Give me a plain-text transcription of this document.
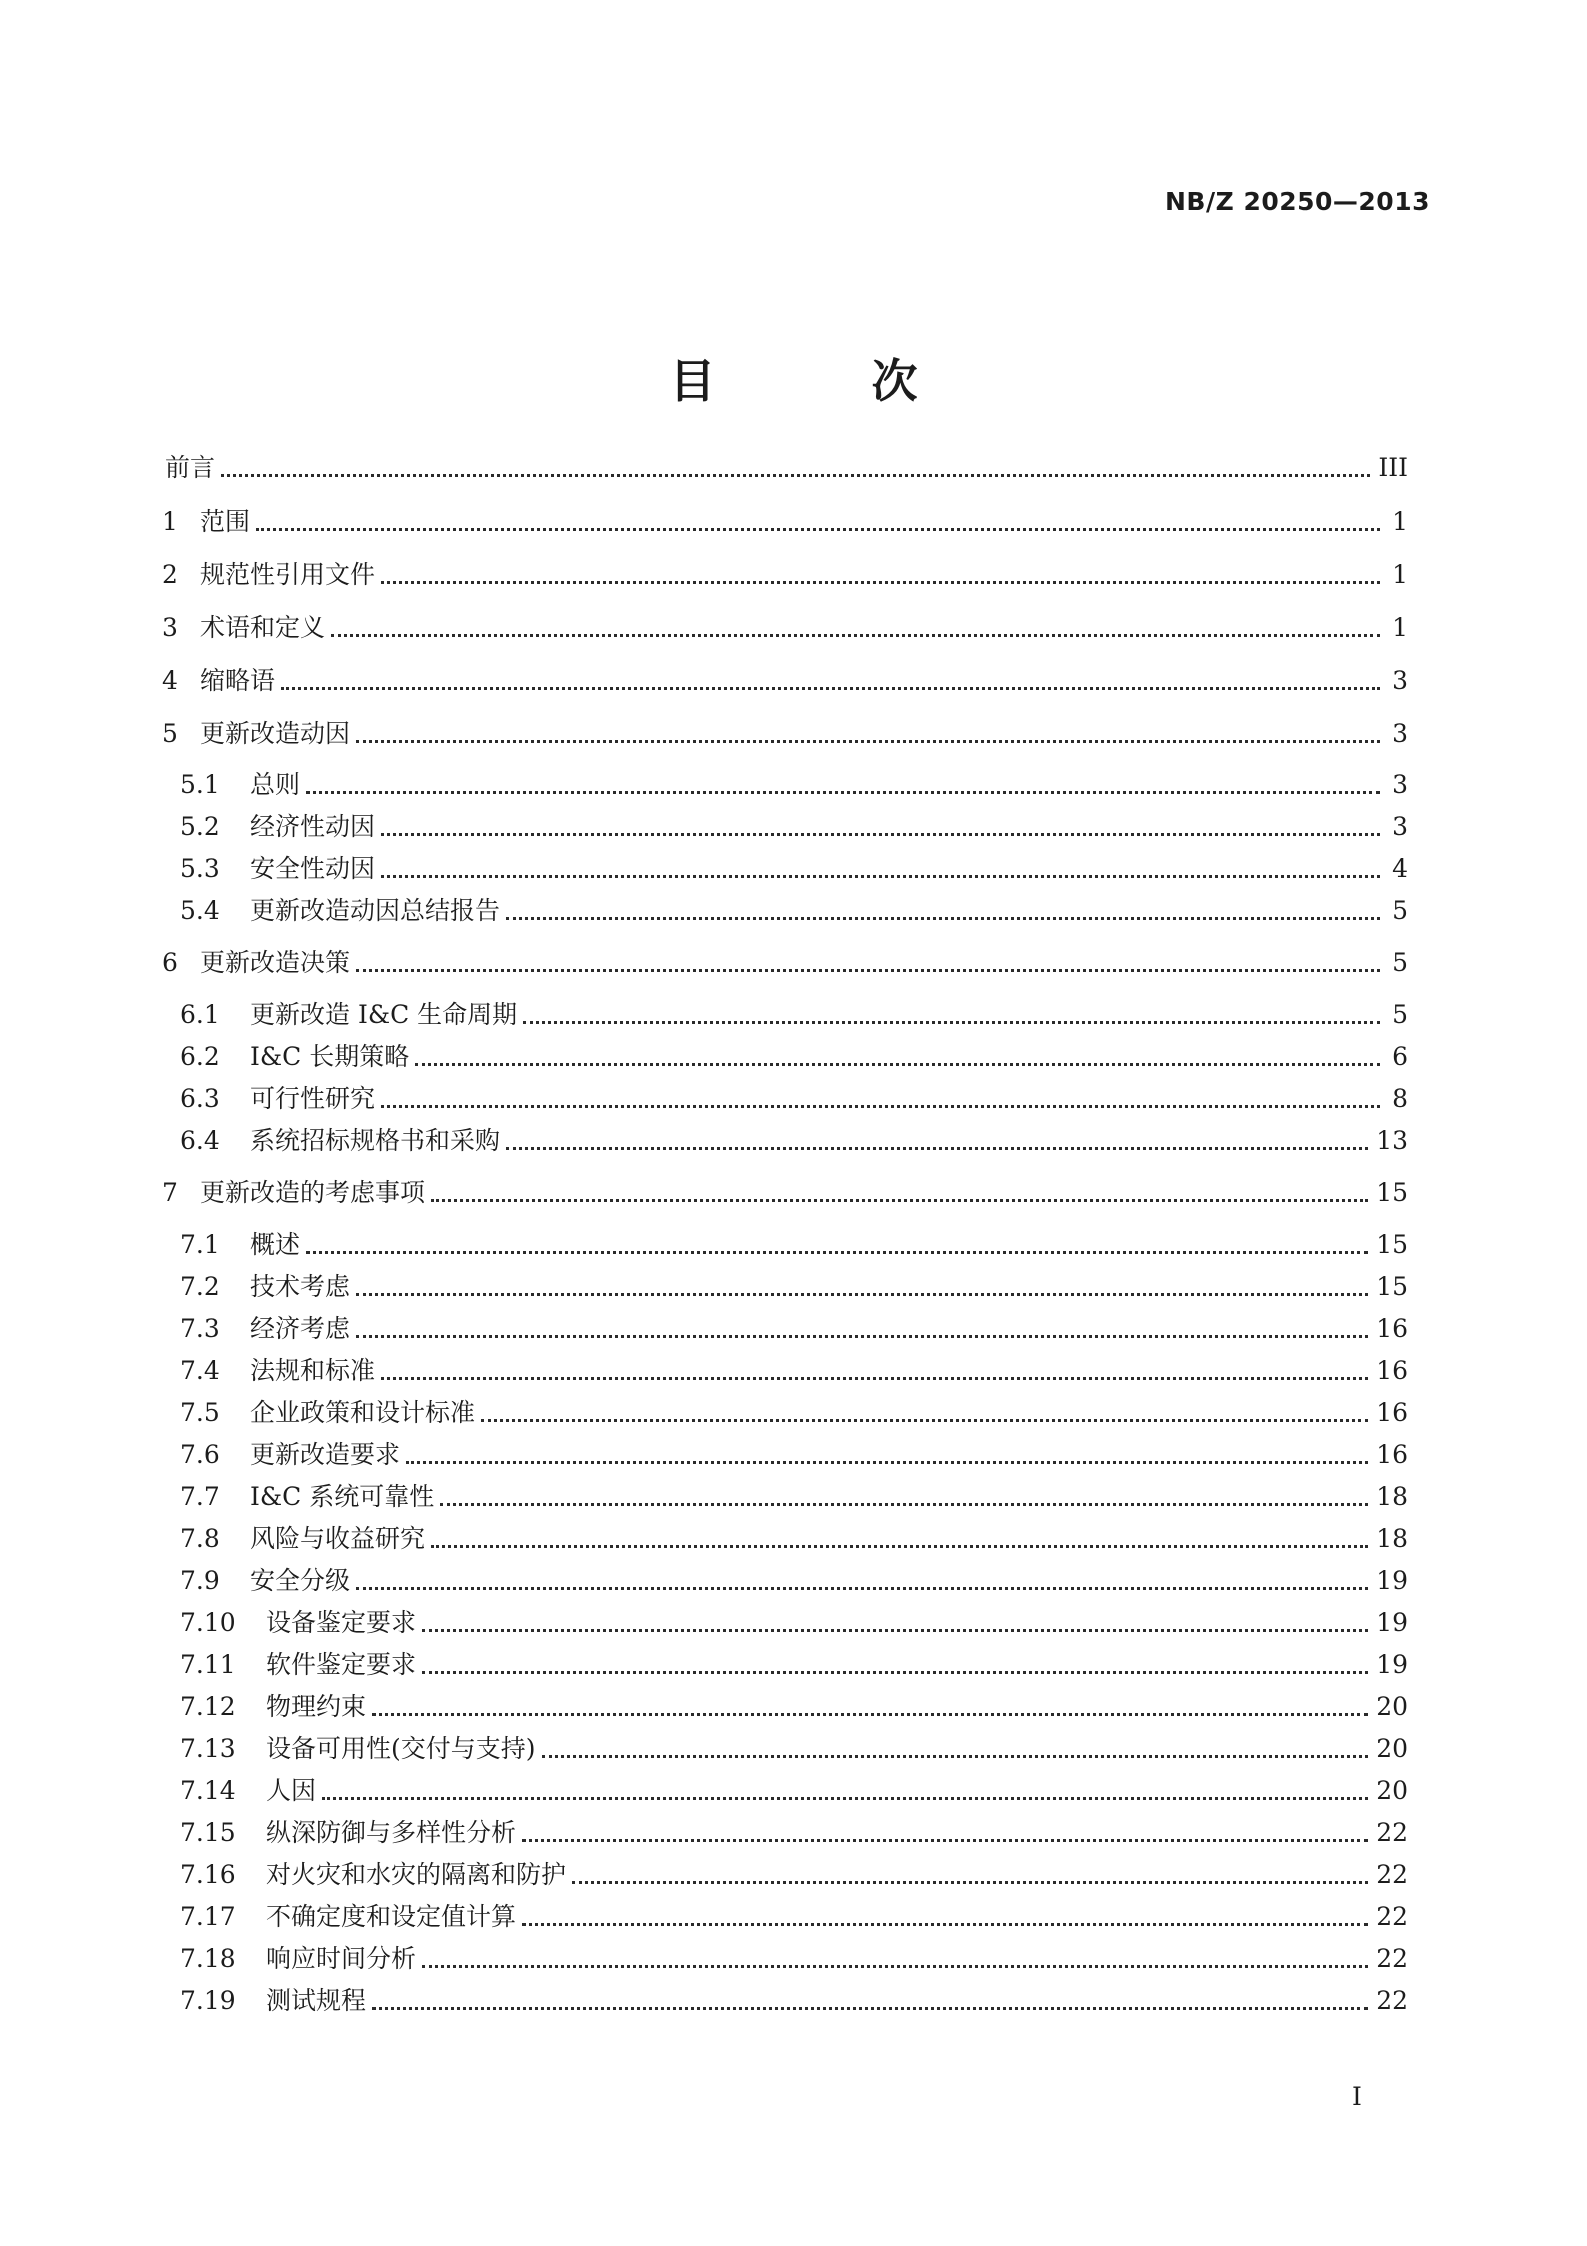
NB/Z 20250—2013
目 次
前言	III
1 范围	1
2 规范性引用文件	1
3 术语和定义	1
4 缩略语	3
5 更新改造动因	3
5.1	总则	3
5.2	经济性动因	3
5.3	安全性动因	4
5.4	更新改造动因总结报告	5
6 更新改造决策	5
6.1	更新改造 I&C 生命周期	5
6.2	I&C 长期策略	6
6.3	可行性研究	8
6.4	系统招标规格书和采购	13
7 更新改造的考虑事项	15
7.1	概述	15
7.2	技术考虑	15
7.3	经济考虑	16
7.4	法规和标准	16
7.5	企业政策和设计标准	16
7.6	更新改造要求	16
7.7	I&C 系统可靠性	18
7.8	风险与收益研究	18
7.9	安全分级	19
7.10	设备鉴定要求	19
7.11	软件鉴定要求	19
7.12	物理约束	20
7.13	设备可用性(交付与支持)	20
7.14	人因	20
7.15	纵深防御与多样性分析	22
7.16	对火灾和水灾的隔离和防护	22
7.17	不确定度和设定值计算	22
7.18	响应时间分析	22
7.19	测试规程	22
I
